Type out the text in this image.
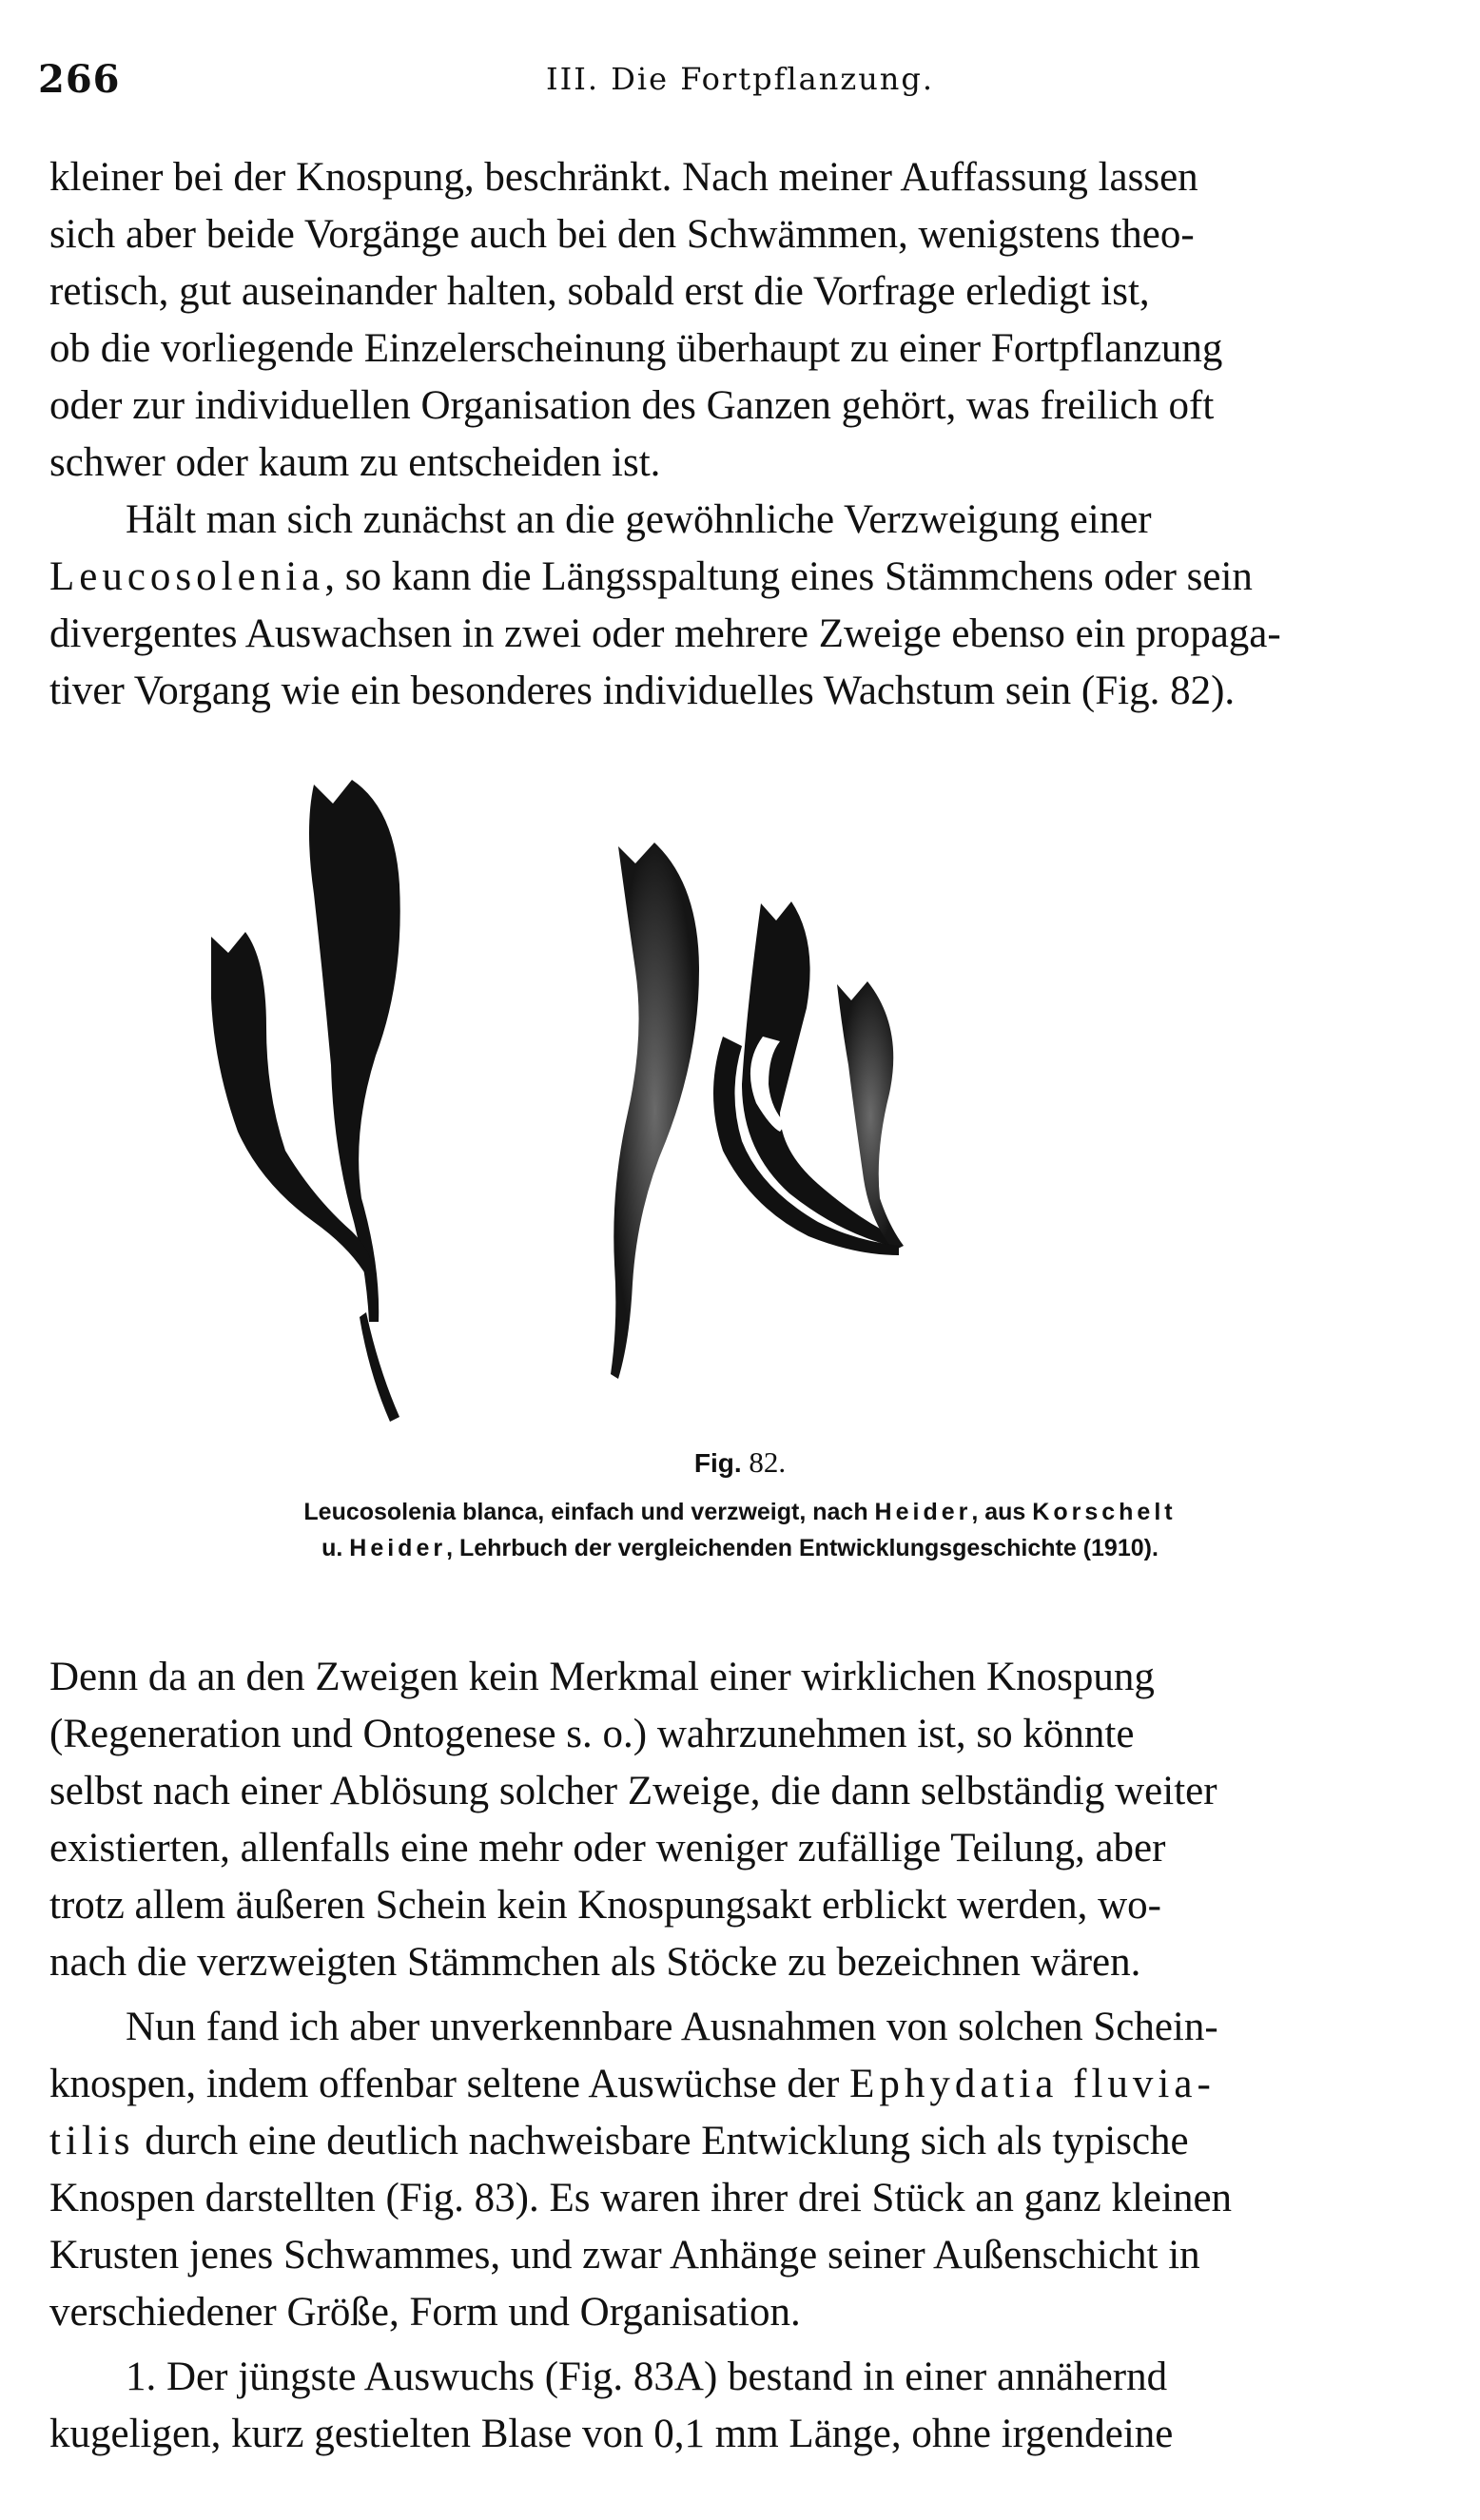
266	III. Die Fortpflanzung.
kleiner bei der Knospung, beschränkt. Nach meiner Auffassung lassen
sich aber beide Vorgänge auch bei den Schwämmen, wenigstens theo-
retisch, gut auseinander halten, sobald erst die Vorfrage erledigt ist,
ob die vorliegende Einzelerscheinung überhaupt zu einer Fortpflanzung
oder zur individuellen Organisation des Ganzen gehört, was freilich oft
schwer oder kaum zu entscheiden ist.
Hält man sich zunächst an die gewöhnliche Verzweigung einer
Leucosolenia, so kann die Längsspaltung eines Stämmchens oder sein
divergentes Auswachsen in zwei oder mehrere Zweige ebenso ein propaga-
tiver Vorgang wie ein besonderes individuelles Wachstum sein (Fig. 82).
Fig. 82.
Leucosolenia blanca, einfach und verzweigt, nach Heider, aus Korschelt
u. Heider, Lehrbuch der vergleichenden Entwicklungsgeschichte (1910).
Denn da an den Zweigen kein Merkmal einer wirklichen Knospung
(Regeneration und Ontogenese s. o.) wahrzunehmen ist, so könnte
selbst nach einer Ablösung solcher Zweige, die dann selbständig weiter
existierten, allenfalls eine mehr oder weniger zufällige Teilung, aber
trotz allem äußeren Schein kein Knospungsakt erblickt werden, wo-
nach die verzweigten Stämmchen als Stöcke zu bezeichnen wären.
Nun fand ich aber unverkennbare Ausnahmen von solchen Schein-
knospen, indem offenbar seltene Auswüchse der Ephydatia fluvia-
tilis durch eine deutlich nachweisbare Entwicklung sich als typische
Knospen darstellten (Fig. 83). Es waren ihrer drei Stück an ganz kleinen
Krusten jenes Schwammes, und zwar Anhänge seiner Außenschicht in
verschiedener Größe, Form und Organisation.
1. Der jüngste Auswuchs (Fig. 83A) bestand in einer annähernd
kugeligen, kurz gestielten Blase von 0,1 mm Länge, ohne irgendeine
